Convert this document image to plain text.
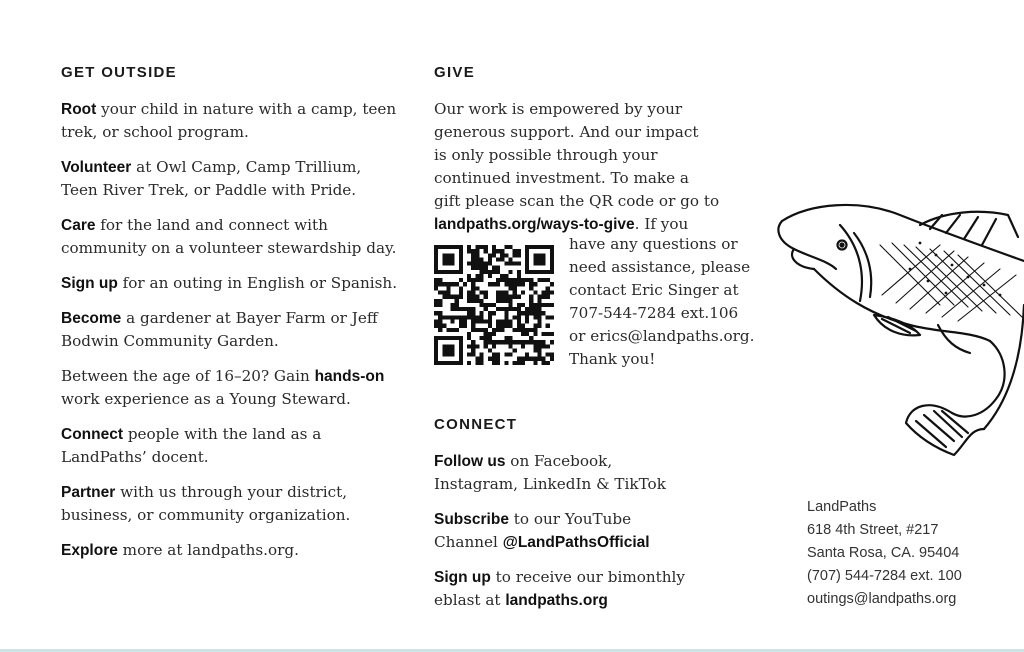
GET OUTSIDE
Root your child in nature with a camp, teen trek, or school program.
Volunteer at Owl Camp, Camp Trillium, Teen River Trek, or Paddle with Pride.
Care for the land and connect with community on a volunteer stewardship day.
Sign up for an outing in English or Spanish.
Become a gardener at Bayer Farm or Jeff Bodwin Community Garden.
Between the age of 16–20? Gain hands-on work experience as a Young Steward.
Connect people with the land as a LandPaths’ docent.
Partner with us through your district, business, or community organization.
Explore more at landpaths.org.
GIVE
Our work is empowered by your
generous support. And our impact
is only possible through your
continued investment. To make a
gift please scan the QR code or go to
landpaths.org/ways-to-give. If you
have any questions or
need assistance, please
contact Eric Singer at
707-544-7284 ext.106
or erics@landpaths.org.
Thank you!
CONNECT
Follow us on Facebook,
Instagram, LinkedIn & TikTok
Subscribe to our YouTube
Channel @LandPathsOfficial
Sign up to receive our bimonthly
eblast at landpaths.org
LandPaths
618 4th Street, #217
Santa Rosa, CA. 95404
(707) 544-7284 ext. 100
outings@landpaths.org
